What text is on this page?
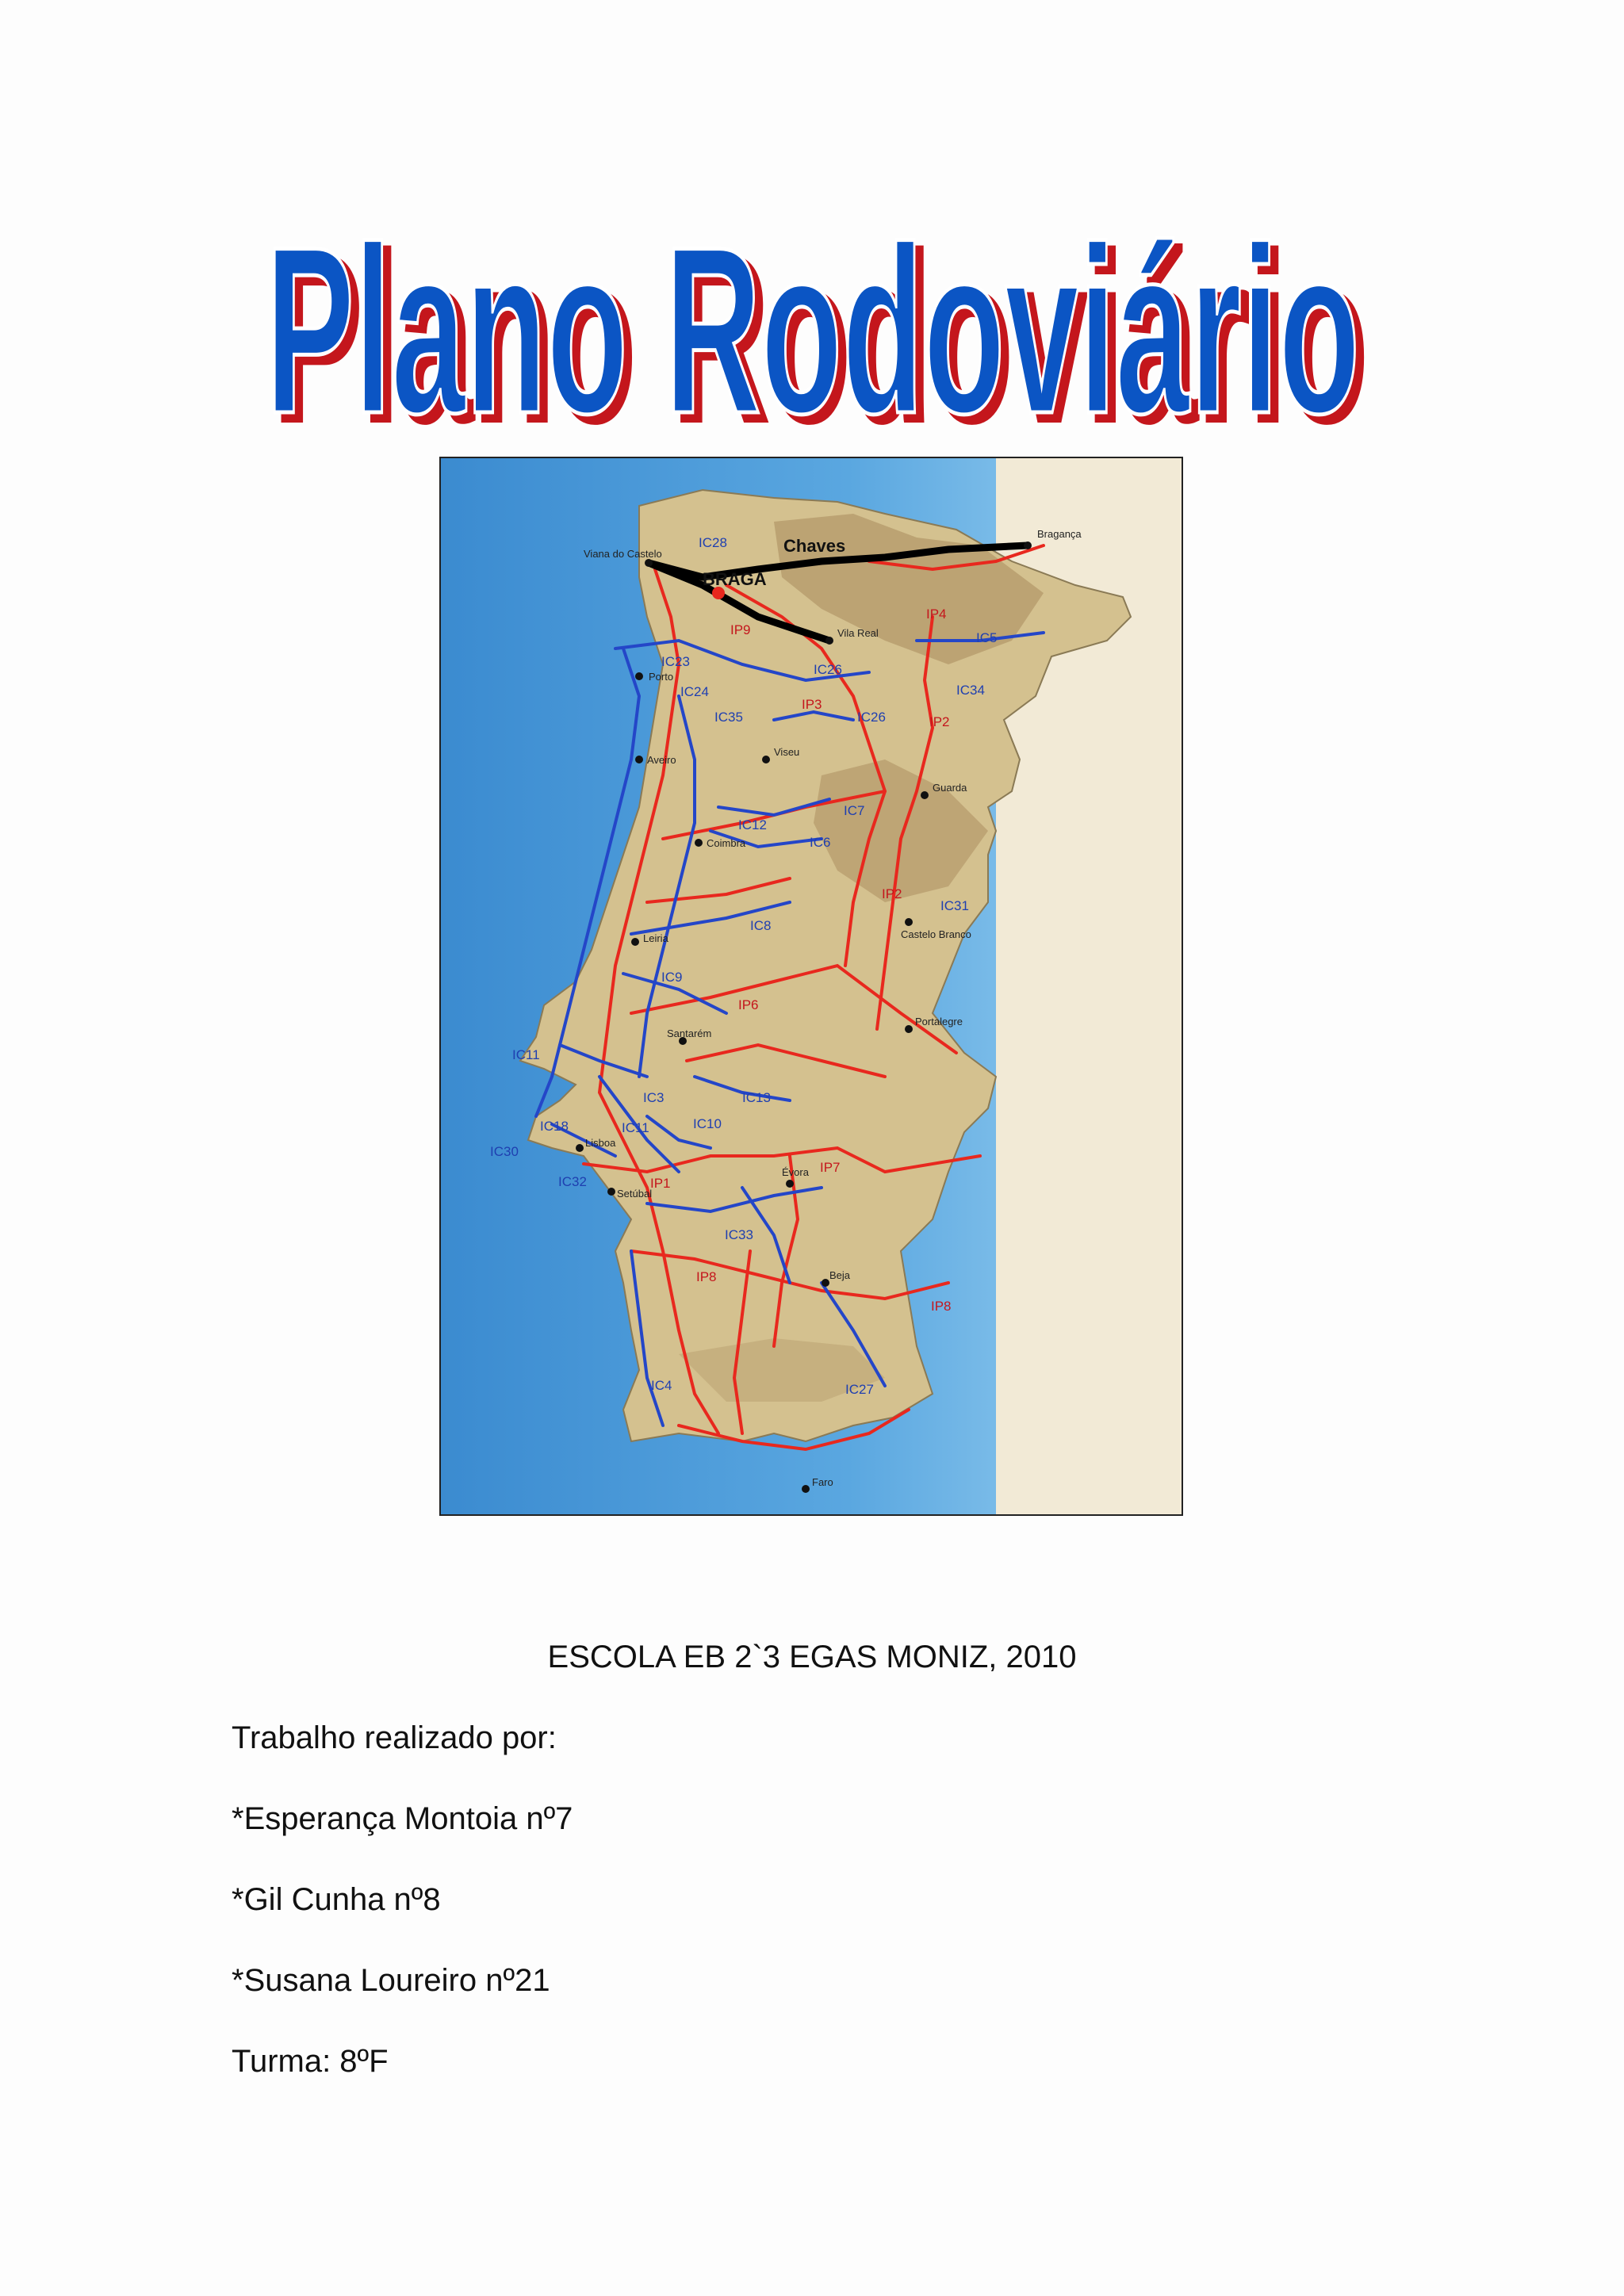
Plano Rodoviário
Plano Rodoviário
Bragança
Viana do Castelo
BRAGA
Chaves
Vila Real
Porto
Aveiro
Viseu
Guarda
Coimbra
Castelo Branco
Leiria
Santarém
Portalegre
Lisboa
Setúbal
Évora
Beja
Faro
IC28
IC23
IC24
IC35
IC26
IC26
IC5
IC34
IC12
IC7
IC6
IC31
IC8
IC9
IC11
IC11
IC3	IC13
IC18	IC10
IC30
IC32
IC33
IC4	IC27
IP9
IP4
IP3
IP2
IP2
IP6
IP7
IP1
IP8
IP8
ESCOLA EB 2`3 EGAS MONIZ, 2010
Trabalho realizado por:
*Esperança Montoia nº7
*Gil Cunha nº8
*Susana Loureiro nº21
Turma: 8ºF
